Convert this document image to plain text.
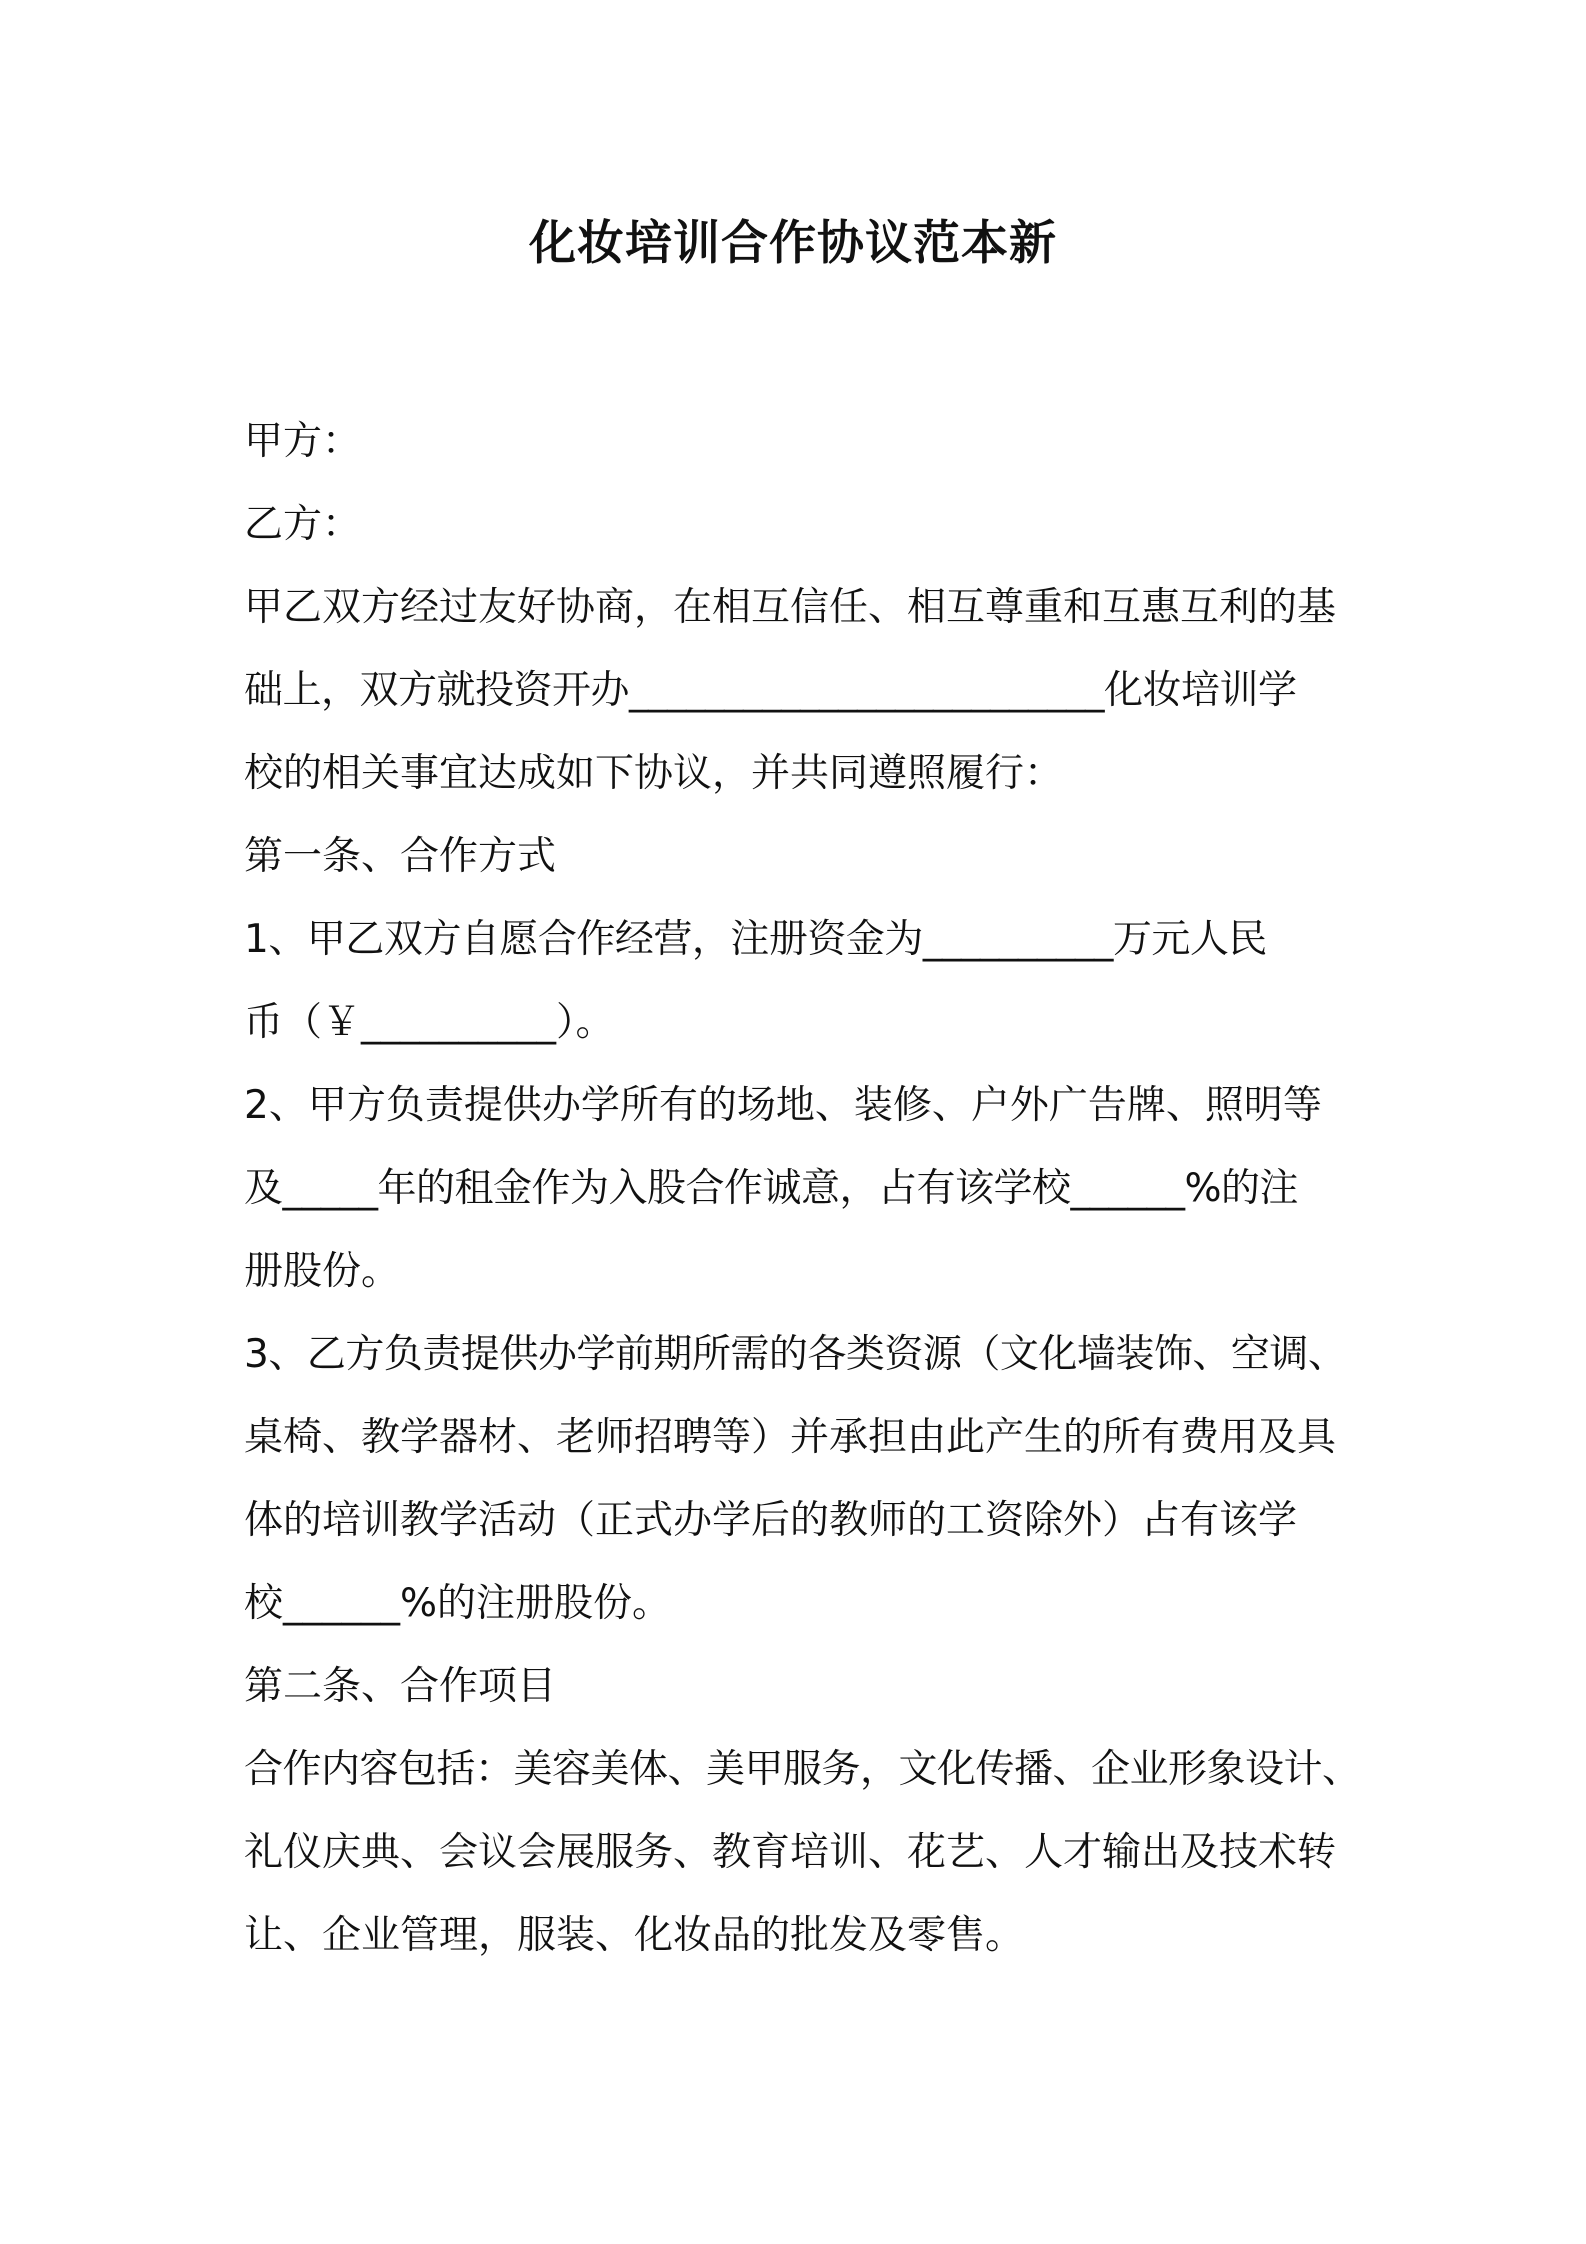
化妆培训合作协议范本新
甲方：
乙方：
甲乙双方经过友好协商，在相互信任、相互尊重和互惠互利的基
础上，双方就投资开办_________________________化妆培训学
校的相关事宜达成如下协议，并共同遵照履行：
第一条、合作方式
1、甲乙双方自愿合作经营，注册资金为__________万元人民
币（￥__________）。
2、甲方负责提供办学所有的场地、装修、户外广告牌、照明等
及_____年的租金作为入股合作诚意，占有该学校______%的注
册股份。
3、乙方负责提供办学前期所需的各类资源（文化墙装饰、空调、
桌椅、教学器材、老师招聘等）并承担由此产生的所有费用及具
体的培训教学活动（正式办学后的教师的工资除外）占有该学
校______%的注册股份。
第二条、合作项目
合作内容包括：美容美体、美甲服务，文化传播、企业形象设计、
礼仪庆典、会议会展服务、教育培训、花艺、人才输出及技术转
让、企业管理，服装、化妆品的批发及零售。
